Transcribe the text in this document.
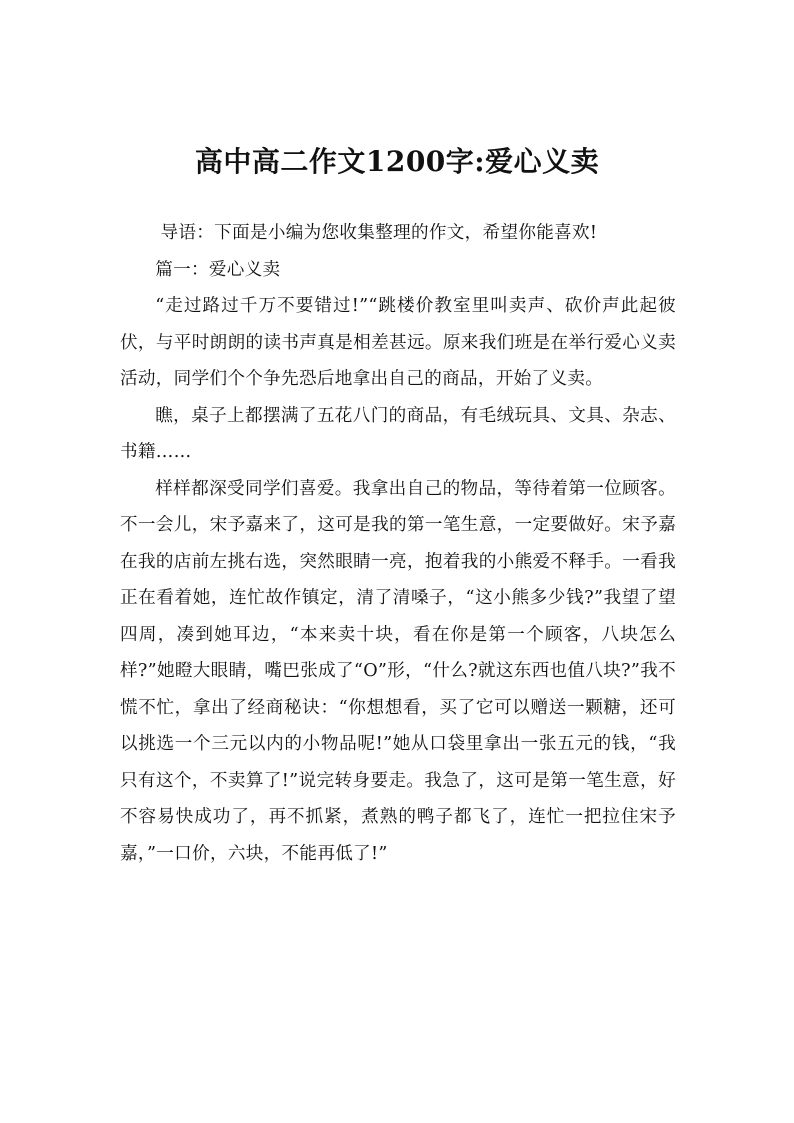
高中高二作文1200字:爱心义卖

导语：下面是小编为您收集整理的作文，希望你能喜欢!

篇一：爱心义卖

“走过路过千万不要错过!”“跳楼价教室里叫卖声、砍价声此起彼伏，与平时朗朗的读书声真是相差甚远。原来我们班是在举行爱心义卖活动，同学们个个争先恐后地拿出自己的商品，开始了义卖。

瞧，桌子上都摆满了五花八门的商品，有毛绒玩具、文具、杂志、书籍……

样样都深受同学们喜爱。我拿出自己的物品，等待着第一位顾客。不一会儿，宋予嘉来了，这可是我的第一笔生意，一定要做好。宋予嘉在我的店前左挑右选，突然眼睛一亮，抱着我的小熊爱不释手。一看我正在看着她，连忙故作镇定，清了清嗓子，“这小熊多少钱?”我望了望四周，凑到她耳边，“本来卖十块，看在你是第一个顾客，八块怎么样?”她瞪大眼睛，嘴巴张成了“O”形，“什么?就这东西也值八块?”我不慌不忙，拿出了经商秘诀：“你想想看，买了它可以赠送一颗糖，还可以挑选一个三元以内的小物品呢!”她从口袋里拿出一张五元的钱，“我只有这个，不卖算了!”说完转身要走。我急了，这可是第一笔生意，好不容易快成功了，再不抓紧，煮熟的鸭子都飞了，连忙一把拉住宋予嘉，”一口价，六块，不能再低了!”
